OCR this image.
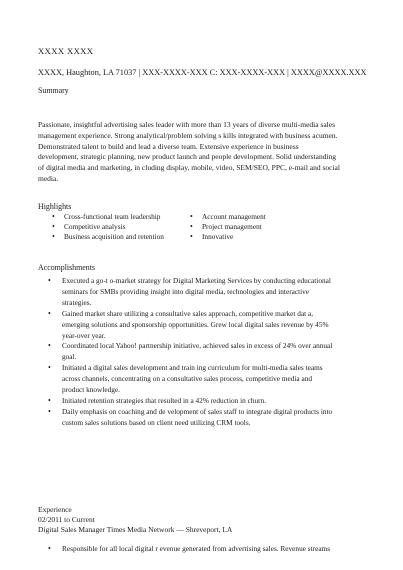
XXXX XXXX
XXXX, Haughton, LA 71037 | XXX-XXXX-XXX C: XXX-XXXX-XXX | XXXX@XXXX.XXX
Summary
Passionate, insightful advertising sales leader with more than 13 years of diverse multi-media sales
management experience. Strong analytical/problem solving s kills integrated with business acumen.
Demonstrated talent to build and lead a diverse team. Extensive experience in business
development, strategic planning, new product launch and people development. Solid understanding
of digital media and marketing, in cluding display, mobile, video, SEM/SEO, PPC, e-mail and social
media.
Highlights
• Cross-functional team leadership
• Competitive analysis
• Business acquisition and retention
• Account management
• Project management
• Innovative
Accomplishments
• Executed a go-t o-market strategy for Digital Marketing Services by conducting educational
seminars for SMBs providing insight into digital media, technologies and interactive
strategies.
• Gained market share utilizing a consultative sales approach, competitive market dat a,
emerging solutions and sponsorship opportunities. Grew local digital sales revenue by 45%
year-over year.
• Coordinated local Yahoo! partnership initiative, achieved sales in excess of 24% over annual
goal.
• Initiated a digital sales development and train ing curriculum for multi-media sales teams
across channels, concentrating on a consultative sales process, competitive media and
product knowledge.
• Initiated retention strategies that resulted in a 42% reduction in churn.
• Daily emphasis on coaching and de velopment of sales staff to integrate digital products into
custom sales solutions based on client need utilizing CRM tools.
Experience
02/2011 to Current
Digital Sales Manager Times Media Network — Shreveport, LA
• Responsible for all local digital r evenue generated from advertising sales. Revenue streams
